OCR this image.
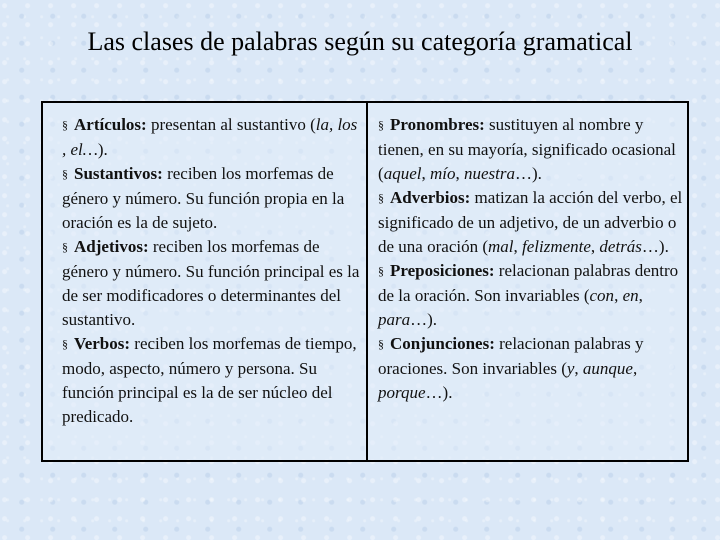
Las clases de palabras según su categoría gramatical

§ Artículos: presentan al sustantivo (la, los , el…).

§ Sustantivos: reciben los morfemas de género y número. Su función propia en la oración es la de sujeto.

§ Adjetivos: reciben los morfemas de género y número. Su función principal es la de ser modificadores o determinantes del sustantivo.

§ Verbos: reciben los morfemas de tiempo, modo, aspecto, número y persona. Su función principal es la de ser núcleo del predicado.

§ Pronombres: sustituyen al nombre y tienen, en su mayoría, significado ocasional (aquel, mío, nuestra…).

§ Adverbios: matizan la acción del verbo, el significado de un adjetivo, de un adverbio o de una oración (mal, felizmente, detrás…).

§ Preposiciones: relacionan palabras dentro de la oración. Son invariables (con, en, para…).

§ Conjunciones: relacionan palabras y oraciones. Son invariables (y, aunque, porque…).
